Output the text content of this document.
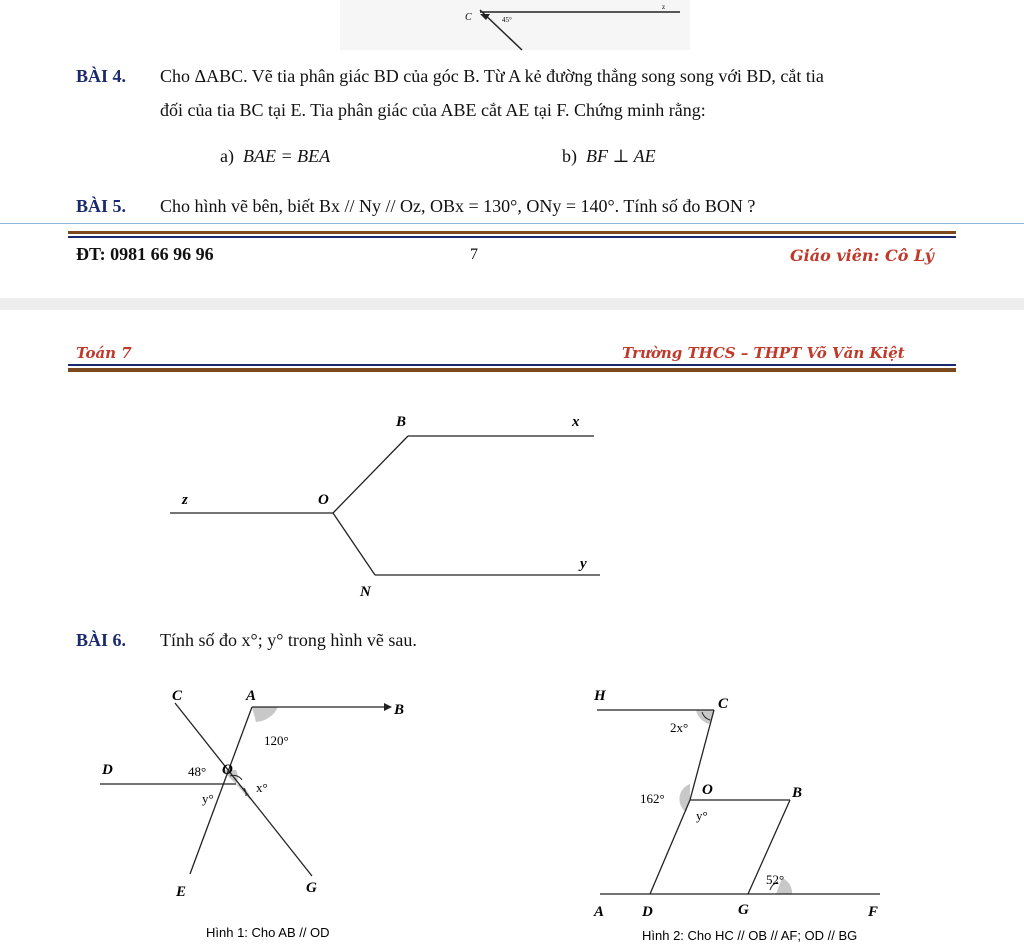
C	45°
z
BÀI 4. Cho ΔABC. Vẽ tia phân giác BD của góc B. Từ A kẻ đường thẳng song song với BD, cắt tia
đối của tia BC tại E. Tia phân giác của ABE cắt AE tại F. Chứng minh rằng:
a) BAE = BEA	b) BF ⊥ AE
BÀI 5. Cho hình vẽ bên, biết Bx // Ny // Oz, OBx = 130°, ONy = 140°. Tính số đo BON ?
ĐT: 0981 66 96 96	7	Giáo viên: Cô Lý
Toán 7	Trường THCS – THPT Võ Văn Kiệt
B	x
z	O
y
N
BÀI 6. Tính số đo x°; y° trong hình vẽ sau.
C	A
B
D	O
E	G
120°
48°
x°
y°
Hình 1: Cho AB // OD
H	C
O	B
A	D	G	F
2x°
162°
y°
52°
Hình 2: Cho HC // OB // AF; OD // BG
